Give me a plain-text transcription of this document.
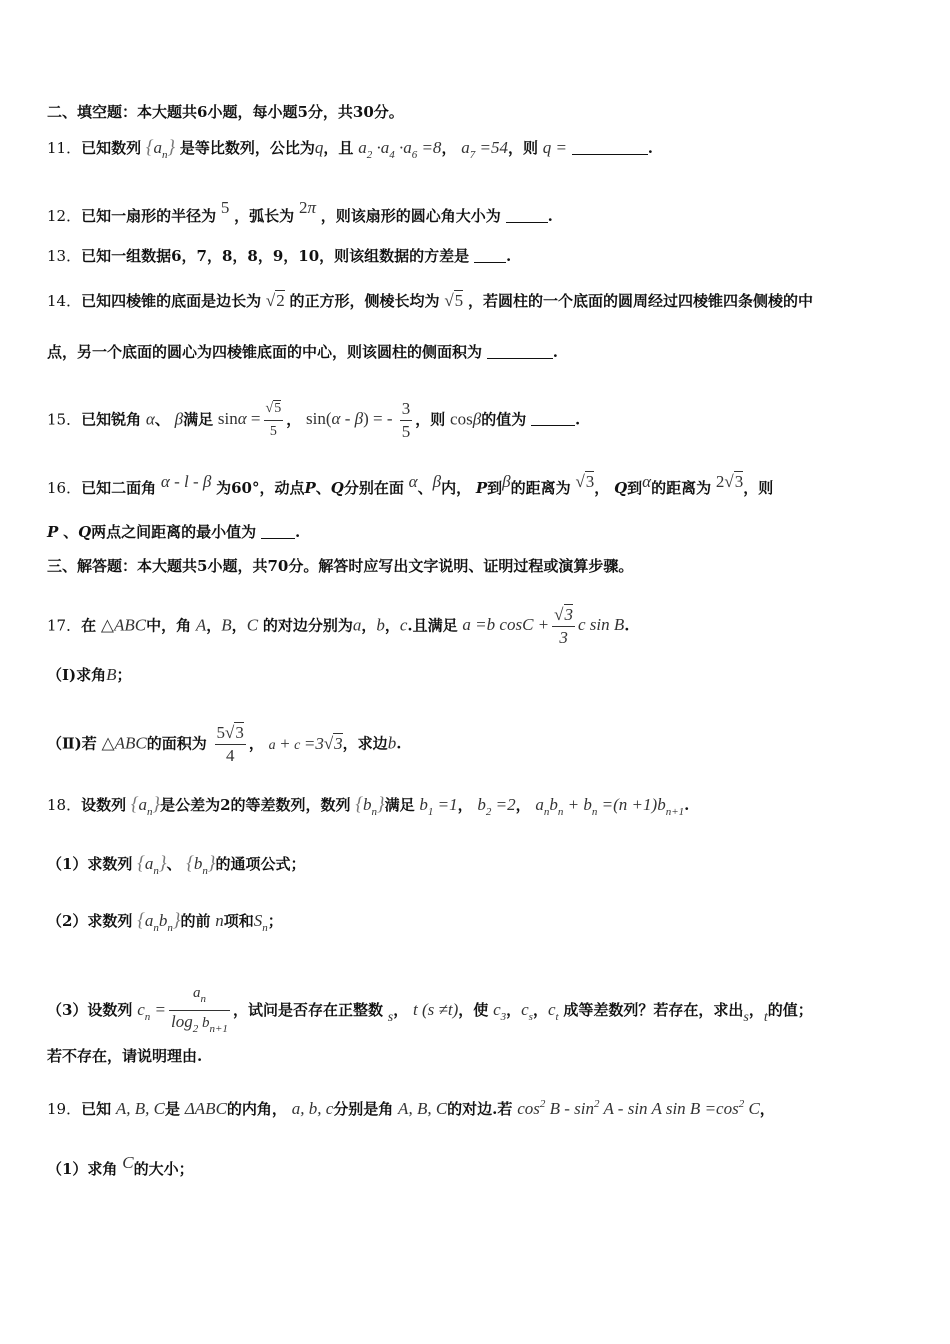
二、填空题：本大题共6小题，每小题5分，共30分。
11．已知数列 $\{a_n\}$ 是等比数列，公比为q，且 $a_2 \cdot a_4 \cdot a_6 =8$， $a_7 =54$，则 q =	.
12．已知一扇形的半径为 5 ，弧长为 2π ，则该扇形的圆心角大小为	.
13．已知一组数据6，7，8，8，9，10，则该组数据的方差是 .
14．已知四棱锥的底面是边长为 √2 的正方形，侧棱长均为 √5 ，若圆柱的一个底面的圆周经过四棱锥四条侧棱的中
点，另一个底面的圆心为四棱锥底面的中心，则该圆柱的侧面积为	.
15．已知锐角 α、 β满足 $\sin\alpha = \frac{√5}{5}$ ， sin(α - β) = - $\frac{3}{5}$ ，则 cosβ的值为	.
16．已知二面角 α - l - β 为60°，动点P、Q分别在面 α、β内， P到β的距离为 √3， Q到α的距离为 2√3，则
P 、Q两点之间距离的最小值为	.
三、解答题：本大题共5小题，共70分。解答时应写出文字说明、证明过程或演算步骤。
17．在 △ABC中，角 A，B，C 的对边分别为a，b，c.且满足 a =b $\cos C + \frac{√3}{3}$ c sin B.
（Ⅰ)求角B；
（Ⅱ)若 △ABC的面积为 $\frac{5√3}{4}$ ， a + c =3√3，求边b.
18．设数列 $\{a_n\}$是公差为2的等差数列，数列 $\{b_n\}$满足 $b_1 =1$， $b_2 =2$， $a_nb_n + b_n =(n +1)b_{n+1}$.
（1）求数列 $\{a_n\}$、 $\{b_n\}$的通项公式；
（2）求数列 $\{a_nb_n\}$的前 n项和$S_n$；
（3）设数列 $c_n = \frac{a_n}{\log_2 b_{n+1}}$ ，试问是否存在正整数 s， t (s ≠t)，使 $c_3$，$c_s$，$c_t$ 成等差数列？若存在，求出s，t的值；
若不存在，请说明理由.
19．已知 A, B, C是 ΔABC的内角， a, b, c分别是角 A, B, C的对边.若 $\cos^2 B - \sin^2 A$ - sin A $\sin B =\cos^2$ C，
（1）求角 C的大小；
